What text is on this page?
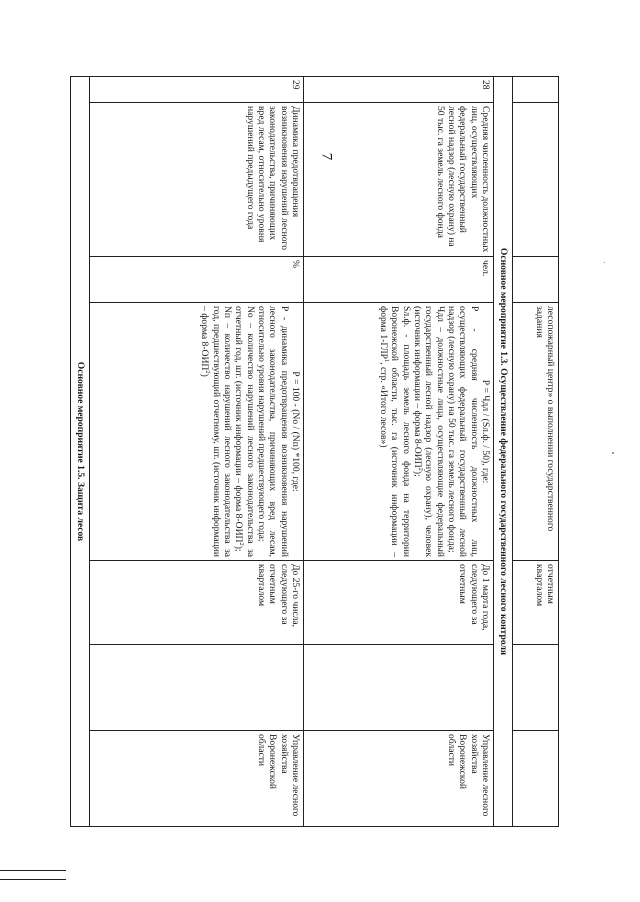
7
			лесопожарный центр» о выполнении государственного задания	отчетным кварталом		
Основное мероприятие 1.3. Осуществление федерального государственного лесного контроля						
28	Средняя численность должностных лиц, осуществляющих федеральный государственный лесной надзор (лесную охрану) на 50 тыс. га земель лесного фонда	чел.	Р = Чдл / (Sл.ф. / 50), где:
Р - средняя численность должностных лиц, осуществляющих федеральный государственный лесной надзор (лесную охрану) на 50 тыс. га земель лесного фонда;
Чдл – должностные лица, осуществляющие федеральный государственный лесной надзор (лесную охрану), человек (источник информации – форма 8-ОИП$^2$);
Sл.ф. - площадь земель лесного фонда на территории Воронежской области, тыс. га (источник информации – форма 1-ГЛР$^1$, стр. «Итого лесов»)	До 1 марта года, следующего за отчетным		Управление лесного хозяйства Воронежской области
29	Динамика предотвращения возникновения нарушений лесного законодательства, причиняющих вред лесам, относительно уровня нарушений предыдущего года	%	Р = 100 - (Nо / (Nп) *100, где:
Р - динамика предотвращения возникновения нарушений лесного законодательства, причиняющих вред лесам, относительно уровня нарушений предшествующего года;
Nо – количество нарушений лесного законодательства за отчетный год, шт. (источник информации – форма 8-ОИП$^2$);
Nп – количество нарушений лесного законодательства за год, предшествующий отчетному, шт. (источник информации – форма 8-ОИП$^2$)	До 25-го числа, следующего за отчетным кварталом		Управление лесного хозяйства Воронежской области
Основное мероприятие 1.5. Защита лесов						
